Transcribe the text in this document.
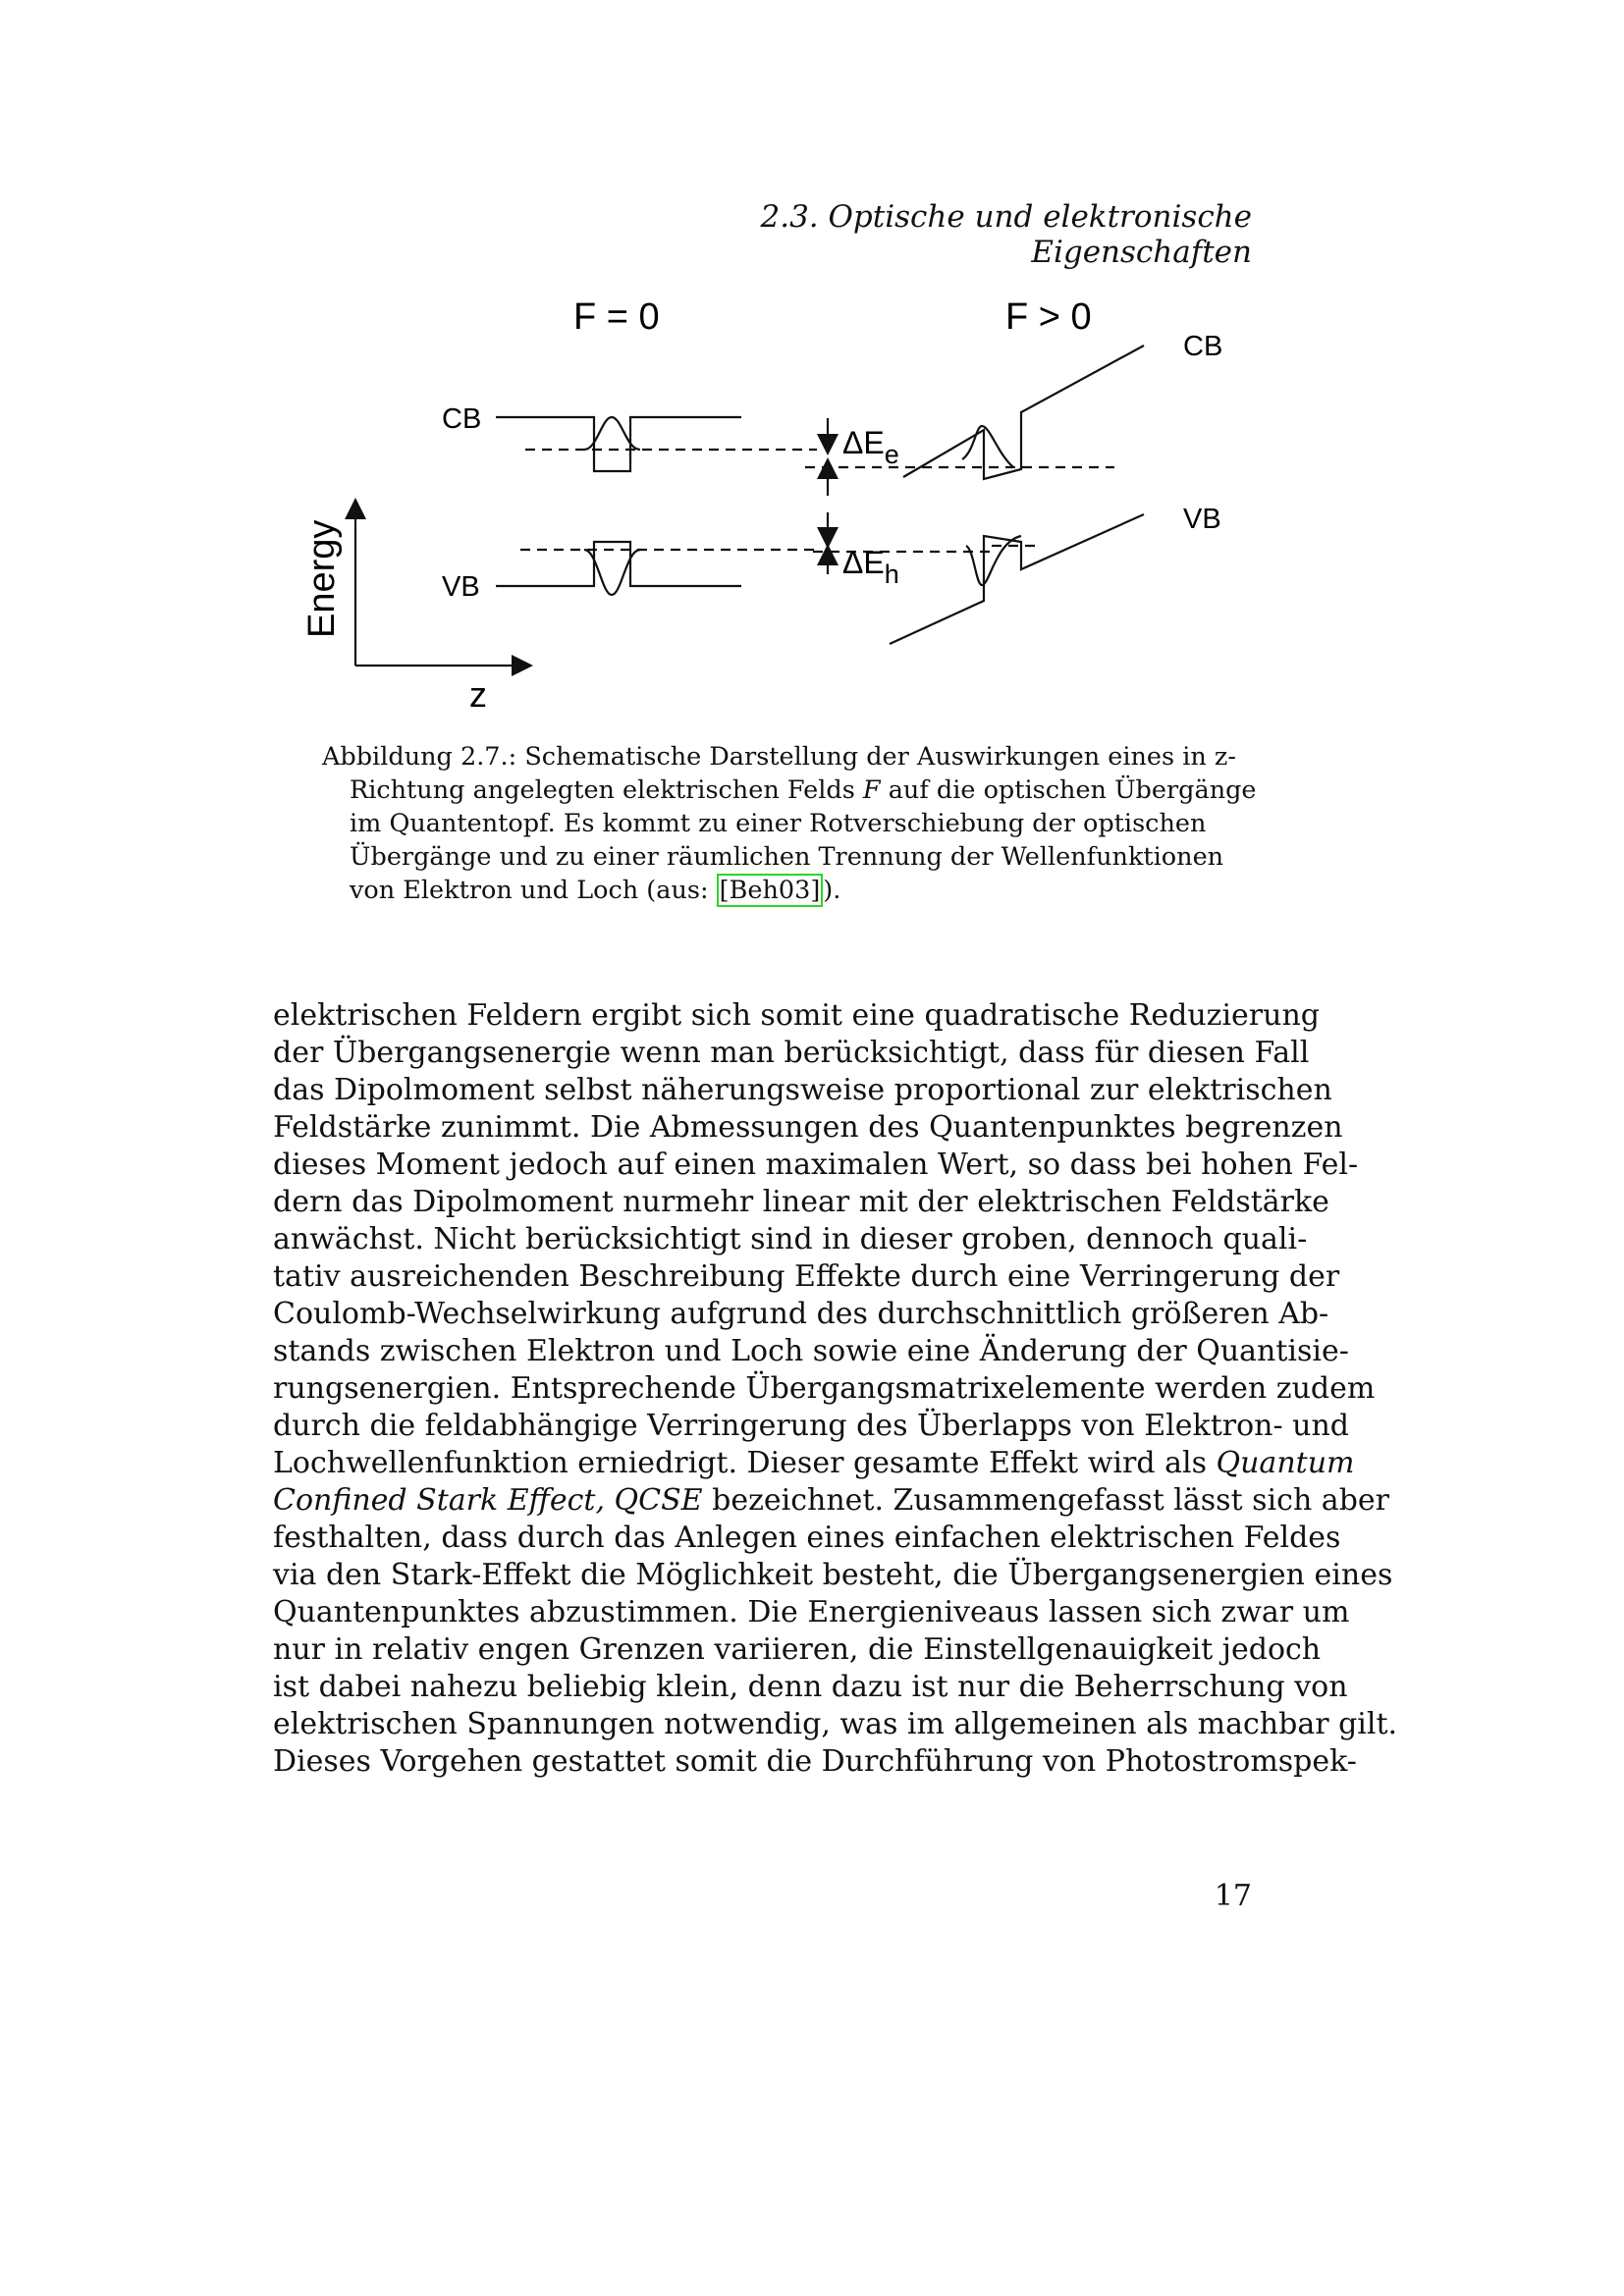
2.3. Optische und elektronische Eigenschaften
F = 0	F > 0
CB
VB
CB
VB
Energy
z
$\Delta E_e$
$\Delta E_h$
Abbildung 2.7.: Schematische Darstellung der Auswirkungen eines in z-
Richtung angelegten elektrischen Felds F auf die optischen Übergänge
im Quantentopf. Es kommt zu einer Rotverschiebung der optischen
Übergänge und zu einer räumlichen Trennung der Wellenfunktionen
von Elektron und Loch (aus: [Beh03] ).
elektrischen Feldern ergibt sich somit eine quadratische Reduzierung
der Übergangsenergie wenn man berücksichtigt, dass für diesen Fall
das Dipolmoment selbst näherungsweise proportional zur elektrischen
Feldstärke zunimmt. Die Abmessungen des Quantenpunktes begrenzen
dieses Moment jedoch auf einen maximalen Wert, so dass bei hohen Fel-
dern das Dipolmoment nurmehr linear mit der elektrischen Feldstärke
anwächst. Nicht berücksichtigt sind in dieser groben, dennoch quali-
tativ ausreichenden Beschreibung Effekte durch eine Verringerung der
Coulomb-Wechselwirkung aufgrund des durchschnittlich größeren Ab-
stands zwischen Elektron und Loch sowie eine Änderung der Quantisie-
rungsenergien. Entsprechende Übergangsmatrixelemente werden zudem
durch die feldabhängige Verringerung des Überlapps von Elektron- und
Lochwellenfunktion erniedrigt. Dieser gesamte Effekt wird als Quantum
Confined Stark Effect, QCSE bezeichnet. Zusammengefasst lässt sich aber
festhalten, dass durch das Anlegen eines einfachen elektrischen Feldes
via den Stark-Effekt die Möglichkeit besteht, die Übergangsenergien eines
Quantenpunktes abzustimmen. Die Energieniveaus lassen sich zwar um
nur in relativ engen Grenzen variieren, die Einstellgenauigkeit jedoch
ist dabei nahezu beliebig klein, denn dazu ist nur die Beherrschung von
elektrischen Spannungen notwendig, was im allgemeinen als machbar gilt.
Dieses Vorgehen gestattet somit die Durchführung von Photostromspek-
17
